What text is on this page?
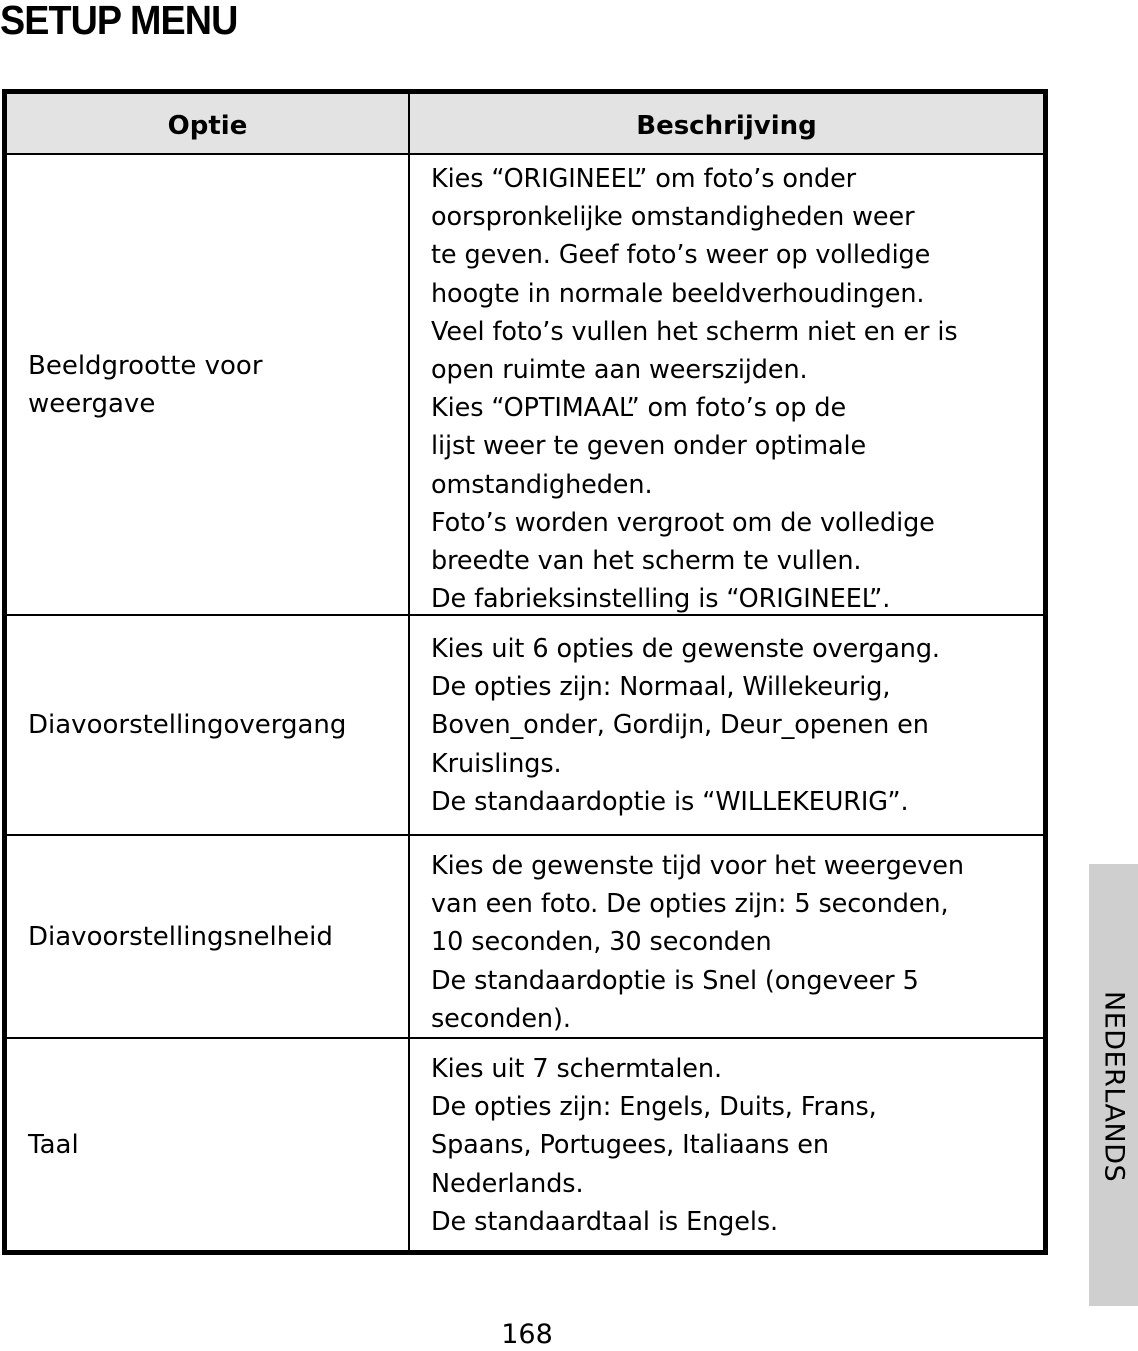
SETUP MENU
Optie	Beschrijving
Beeldgrootte voor
weergave
Kies “ORIGINEEL” om foto’s onder
oorspronkelijke omstandigheden weer
te geven. Geef foto’s weer op volledige
hoogte in normale beeldverhoudingen.
Veel foto’s vullen het scherm niet en er is
open ruimte aan weerszijden.
Kies “OPTIMAAL” om foto’s op de
lijst weer te geven onder optimale
omstandigheden.
Foto’s worden vergroot om de volledige
breedte van het scherm te vullen.
De fabrieksinstelling is “ORIGINEEL”.
Diavoorstellingovergang
Kies uit 6 opties de gewenste overgang.
De opties zijn: Normaal, Willekeurig,
Boven_onder, Gordijn, Deur_openen en
Kruislings.
De standaardoptie is “WILLEKEURIG”.
Diavoorstellingsnelheid
Kies de gewenste tijd voor het weergeven
van een foto. De opties zijn: 5 seconden,
10 seconden, 30 seconden
De standaardoptie is Snel (ongeveer 5
seconden).
Taal
Kies uit 7 schermtalen.
De opties zijn: Engels, Duits, Frans,
Spaans, Portugees, Italiaans en
Nederlands.
De standaardtaal is Engels.
NEDERLANDS
168
